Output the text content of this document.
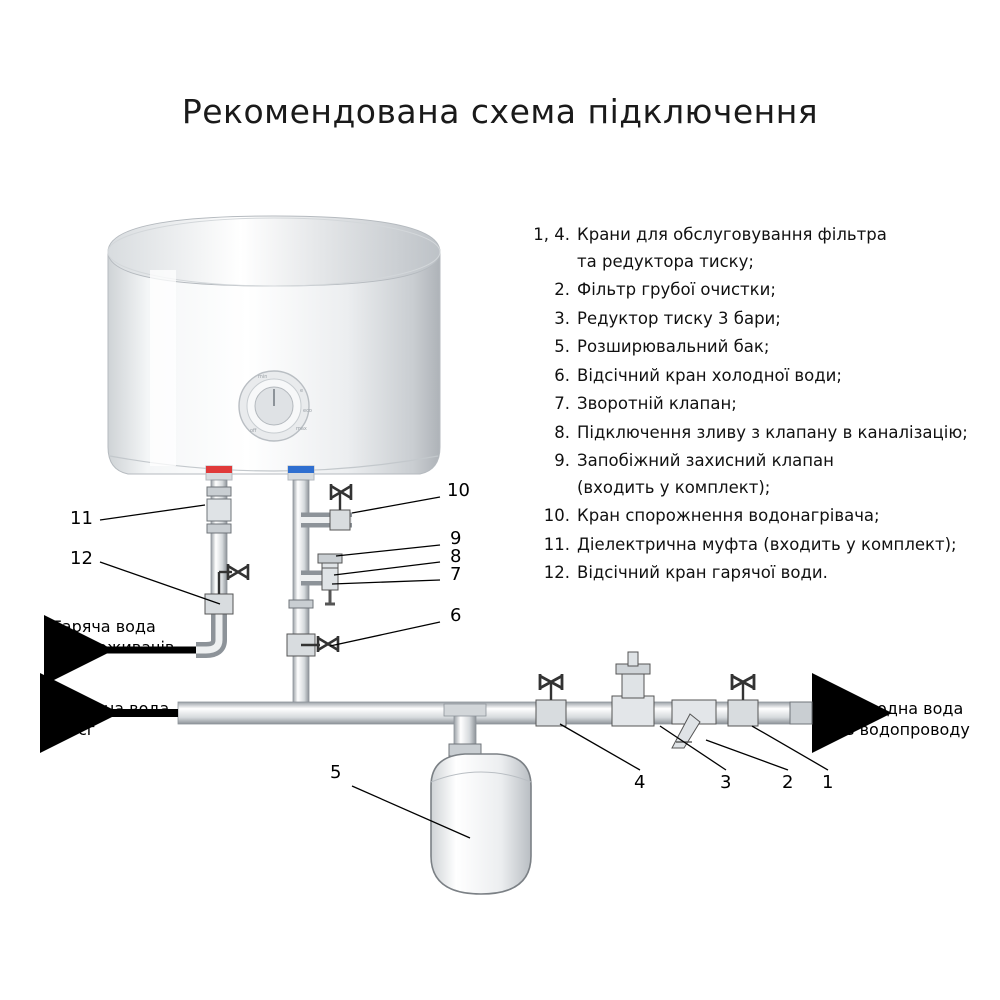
Рекомендована схема підключення
min
e
eco
max
off
1, 4. Крани для обслуговування фільтра
та редуктора тиску;
2. Фільтр грубої очистки;
3. Редуктор тиску 3 бари;
5. Розширювальний бак;
6. Відсічний кран холодної води;
7. Зворотній клапан;
8. Підключення зливу з клапану в каналізацію;
9. Запобіжний захисний клапан
(входить у комплект);
10. Кран спорожнення водонагрівача;
11. Діелектрична муфта (входить у комплект);
12. Відсічний кран гарячої води.
Гаряча вода
до споживачів
Холодна вода
до сг
Холодна вода
з водопроводу
11
12
10
9
8
7
6
5	4	3	2 1
